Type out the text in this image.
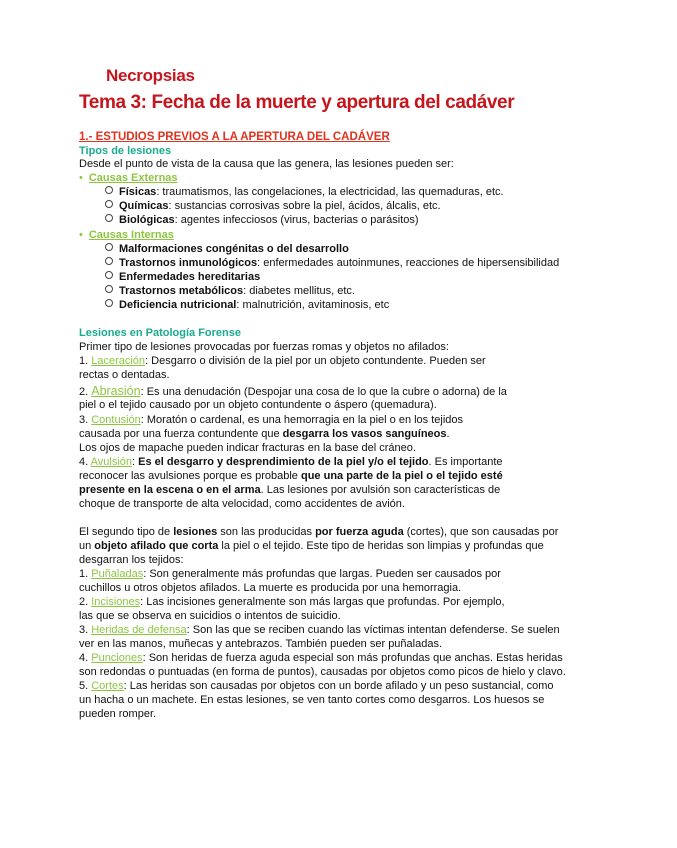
Necropsias
Tema 3: Fecha de la muerte y apertura del cadáver
1.- ESTUDIOS PREVIOS A LA APERTURA DEL CADÁVER
Tipos de lesiones
Desde el punto de vista de la causa que las genera, las lesiones pueden ser:
• Causas Externas
Físicas: traumatismos, las congelaciones, la electricidad, las quemaduras, etc.
Químicas: sustancias corrosivas sobre la piel, ácidos, álcalis, etc.
Biológicas: agentes infecciosos (virus, bacterias o parásitos)
• Causas Internas
Malformaciones congénitas o del desarrollo
Trastornos inmunológicos: enfermedades autoinmunes, reacciones de hipersensibilidad
Enfermedades hereditarias
Trastornos metabólicos: diabetes mellitus, etc.
Deficiencia nutricional: malnutrición, avitaminosis, etc
Lesiones en Patología Forense
Primer tipo de lesiones provocadas por fuerzas romas y objetos no afilados:
1. Laceración: Desgarro o división de la piel por un objeto contundente. Pueden ser
rectas o dentadas.
2. Abrasión: Es una denudación (Despojar una cosa de lo que la cubre o adorna) de la
piel o el tejido causado por un objeto contundente o áspero (quemadura).
3. Contusión: Moratón o cardenal, es una hemorragia en la piel o en los tejidos
causada por una fuerza contundente que desgarra los vasos sanguíneos.
Los ojos de mapache pueden indicar fracturas en la base del cráneo.
4. Avulsión: Es el desgarro y desprendimiento de la piel y/o el tejido. Es importante
reconocer las avulsiones porque es probable que una parte de la piel o el tejido esté
presente en la escena o en el arma. Las lesiones por avulsión son características de
choque de transporte de alta velocidad, como accidentes de avión.
El segundo tipo de lesiones son las producidas por fuerza aguda (cortes), que son causadas por
un objeto afilado que corta la piel o el tejido. Este tipo de heridas son limpias y profundas que
desgarran los tejidos:
1. Puñaladas: Son generalmente más profundas que largas. Pueden ser causados por
cuchillos u otros objetos afilados. La muerte es producida por una hemorragia.
2. Incisiones: Las incisiones generalmente son más largas que profundas. Por ejemplo,
las que se observa en suicidios o intentos de suicidio.
3. Heridas de defensa: Son las que se reciben cuando las víctimas intentan defenderse. Se suelen
ver en las manos, muñecas y antebrazos. También pueden ser puñaladas.
4. Punciones: Son heridas de fuerza aguda especial son más profundas que anchas. Estas heridas
son redondas o puntuadas (en forma de puntos), causadas por objetos como picos de hielo y clavo.
5. Cortes: Las heridas son causadas por objetos con un borde afilado y un peso sustancial, como
un hacha o un machete. En estas lesiones, se ven tanto cortes como desgarros. Los huesos se
pueden romper.
